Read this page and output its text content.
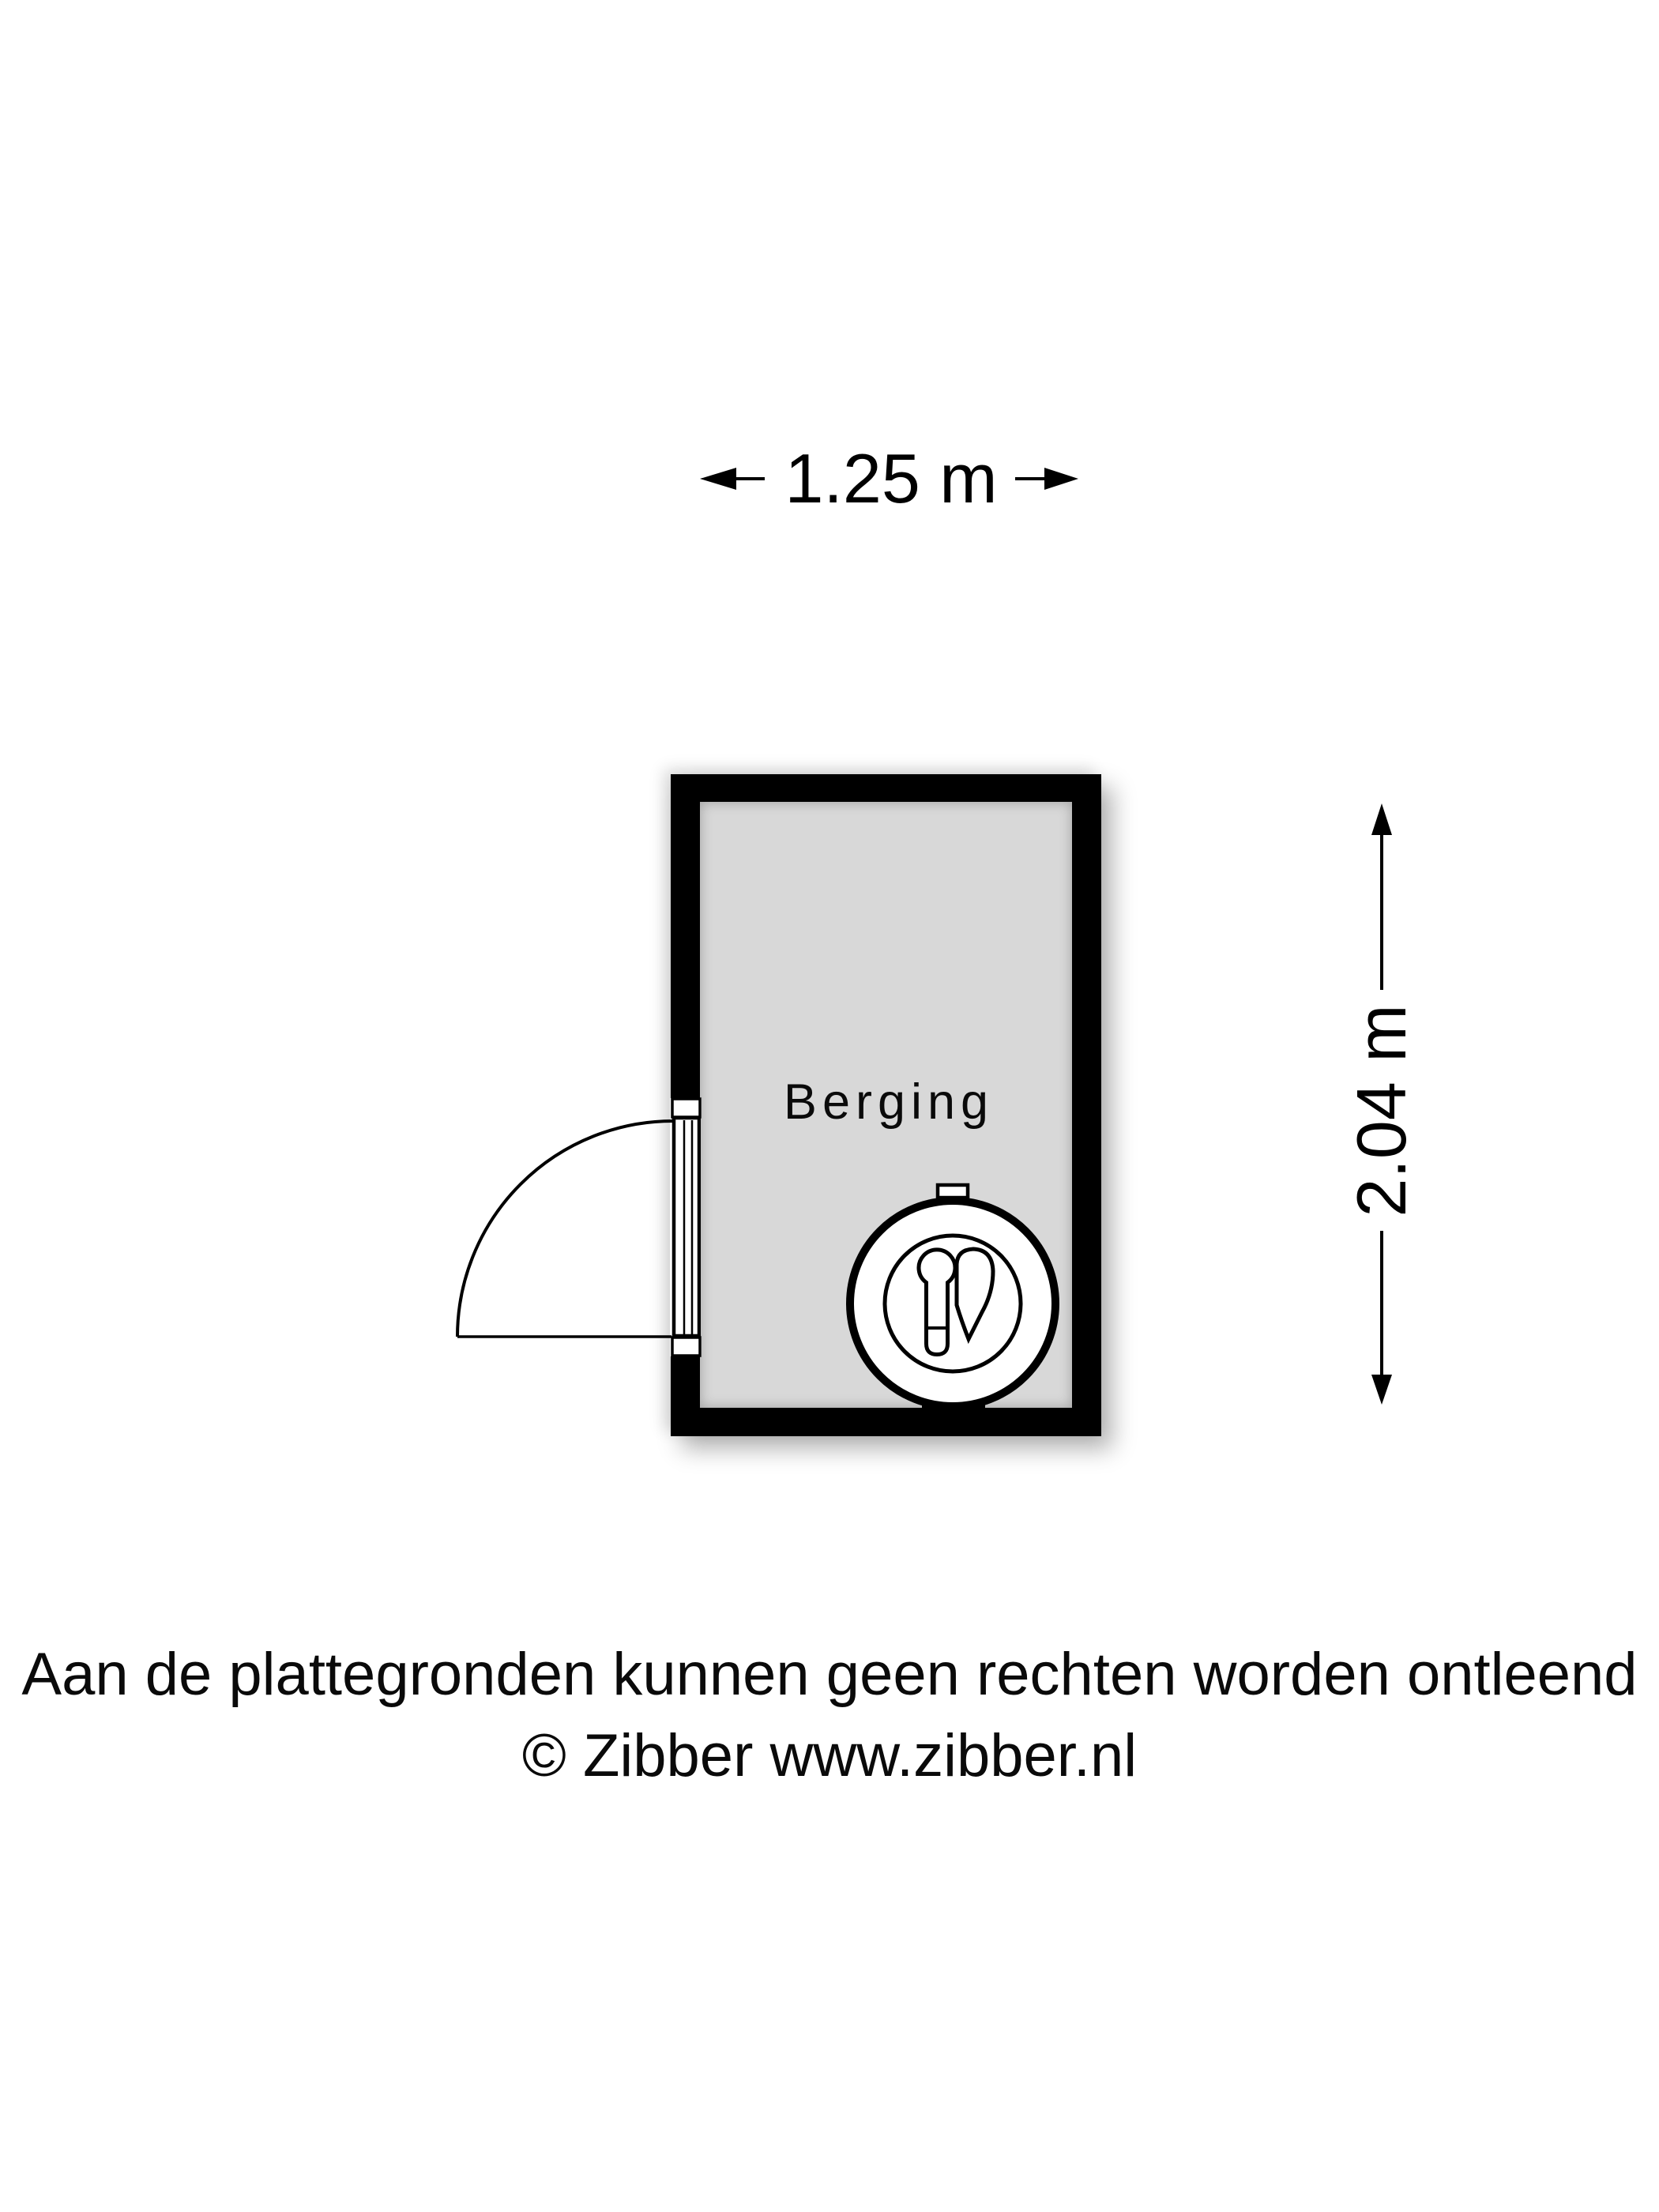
1.25 m
Berging	2.04 m
Aan de plattegronden kunnen geen rechten worden ontleend
© Zibber www.zibber.nl
